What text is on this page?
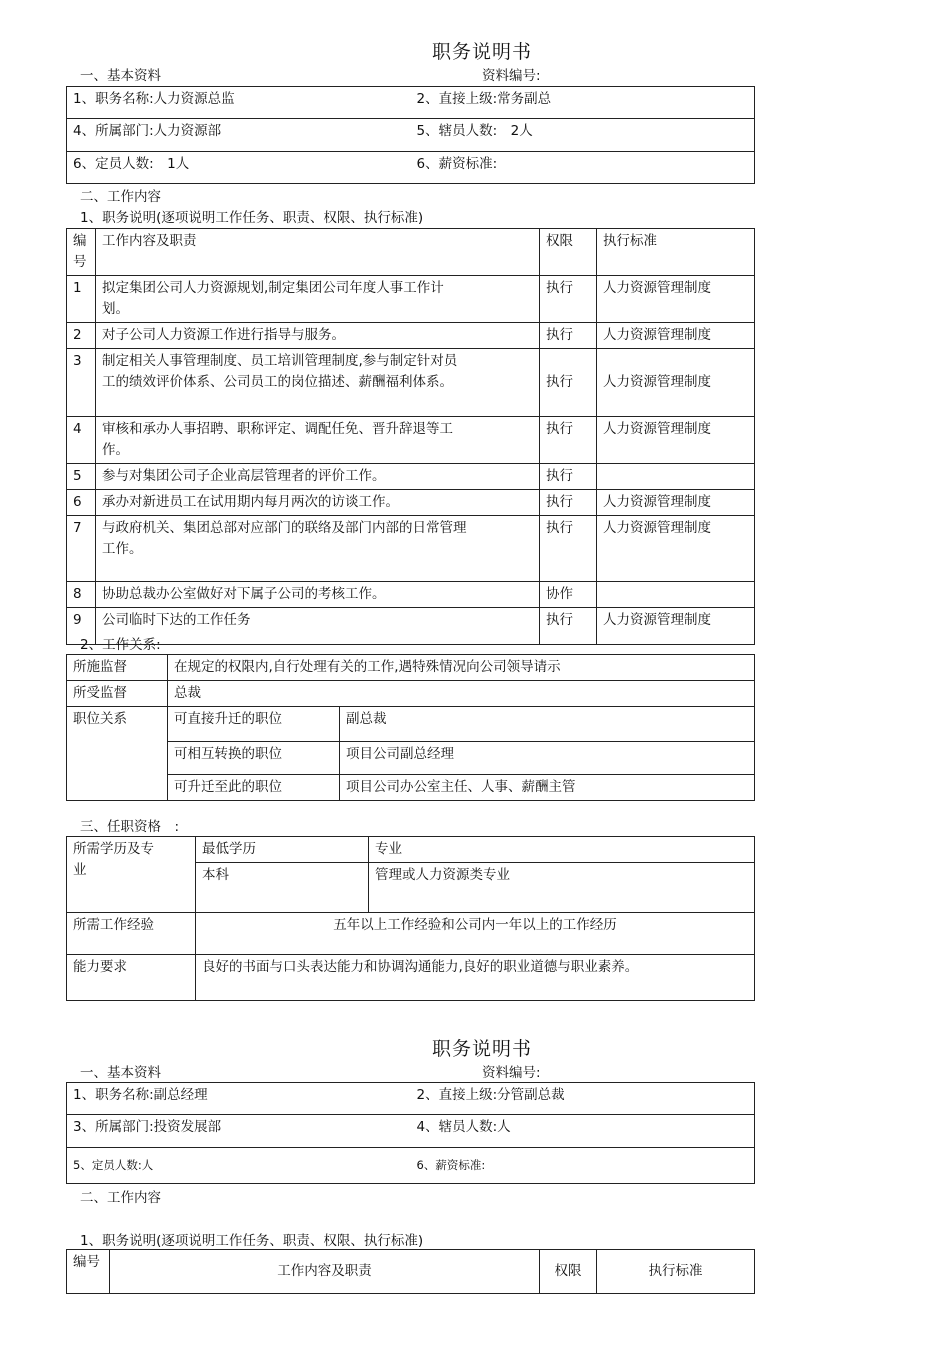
职务说明书
一、基本资料	资料编号:
1、职务名称:人力资源总监	2、直接上级:常务副总
4、所属部门:人力资源部	5、辖员人数:　2人
6、定员人数:　1人	6、薪资标准:
二、工作内容
1、职务说明(逐项说明工作任务、职责、权限、执行标准)
编号	工作内容及职责	权限	执行标准
1	拟定集团公司人力资源规划,制定集团公司年度人事工作计划。	执行	人力资源管理制度
2	对子公司人力资源工作进行指导与服务。	执行	人力资源管理制度
3	制定相关人事管理制度、员工培训管理制度,参与制定针对员工的绩效评价体系、公司员工的岗位描述、薪酬福利体系。	执行	人力资源管理制度
4	审核和承办人事招聘、职称评定、调配任免、晋升辞退等工作。	执行	人力资源管理制度
5	参与对集团公司子企业高层管理者的评价工作。	执行	
6	承办对新进员工在试用期内每月两次的访谈工作。	执行	人力资源管理制度
7	与政府机关、集团总部对应部门的联络及部门内部的日常管理工作。	执行	人力资源管理制度
8	协助总裁办公室做好对下属子公司的考核工作。	协作	
9	公司临时下达的工作任务	执行	人力资源管理制度
2、工作关系:
所施监督	在规定的权限内,自行处理有关的工作,遇特殊情况向公司领导请示	
所受监督	总裁	
职位关系	可直接升迁的职位	副总裁
	可相互转换的职位	项目公司副总经理
	可升迁至此的职位	项目公司办公室主任、人事、薪酬主管
三、任职资格　:
所需学历及专业	最低学历	专业
	本科	管理或人力资源类专业
所需工作经验	五年以上工作经验和公司内一年以上的工作经历	
能力要求	良好的书面与口头表达能力和协调沟通能力,良好的职业道德与职业素养。	
职务说明书
一、基本资料	资料编号:
1、职务名称:副总经理	2、直接上级:分管副总裁
3、所属部门:投资发展部	4、辖员人数:人
5、定员人数:人	6、薪资标准:
二、工作内容
1、职务说明(逐项说明工作任务、职责、权限、执行标准)
编号	工作内容及职责	权限	执行标准
